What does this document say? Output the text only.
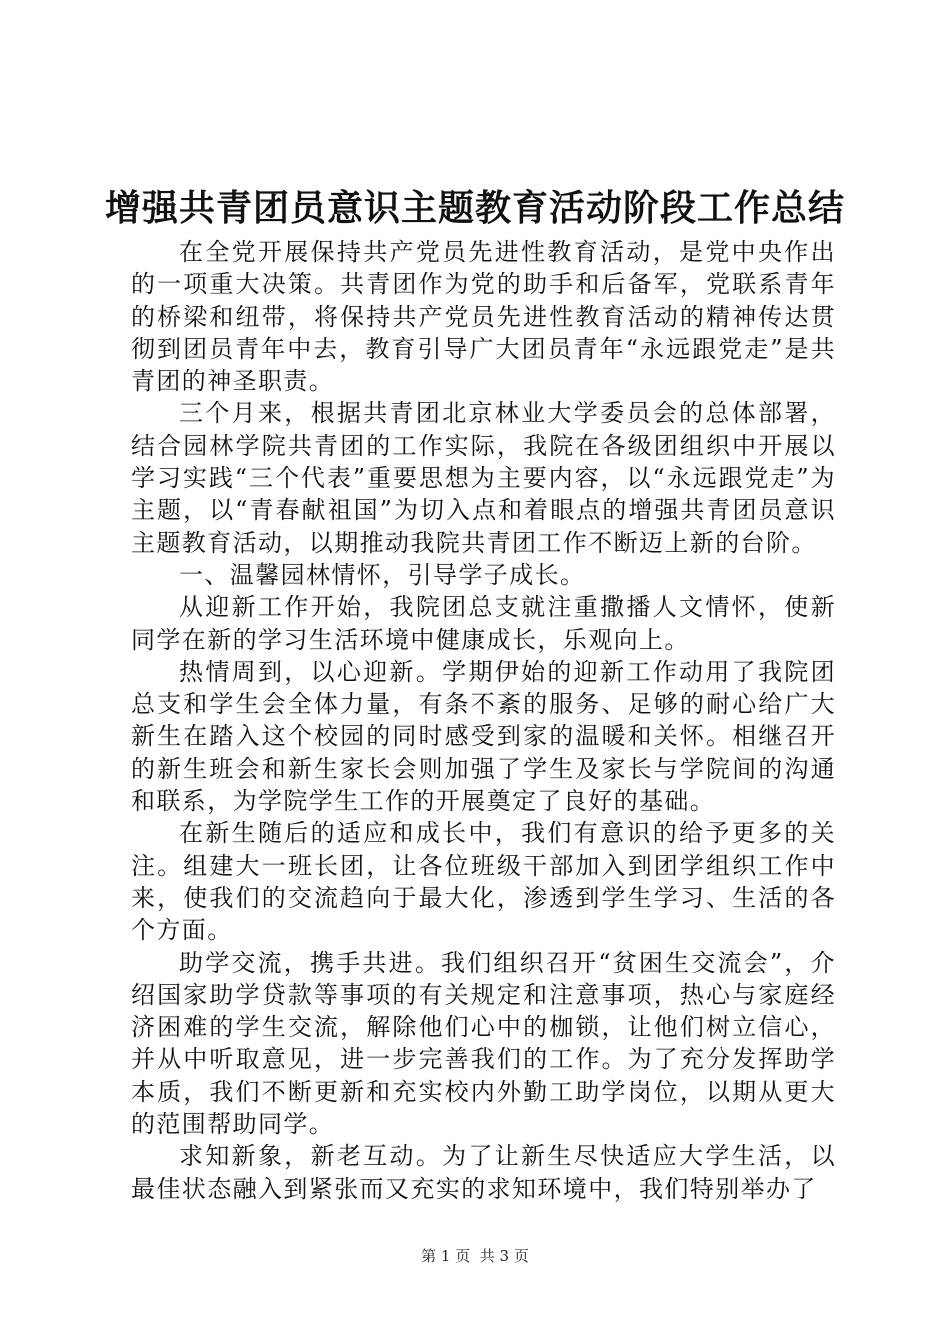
增强共青团员意识主题教育活动阶段工作总结

在全党开展保持共产党员先进性教育活动，是党中央作出的一项重大决策。共青团作为党的助手和后备军，党联系青年的桥梁和纽带，将保持共产党员先进性教育活动的精神传达贯彻到团员青年中去，教育引导广大团员青年“永远跟党走”是共青团的神圣职责。

三个月来，根据共青团北京林业大学委员会的总体部署，结合园林学院共青团的工作实际，我院在各级团组织中开展以学习实践“三个代表”重要思想为主要内容，以“永远跟党走”为主题，以“青春献祖国”为切入点和着眼点的增强共青团员意识主题教育活动，以期推动我院共青团工作不断迈上新的台阶。

一、温馨园林情怀，引导学子成长。

从迎新工作开始，我院团总支就注重撒播人文情怀，使新同学在新的学习生活环境中健康成长，乐观向上。

热情周到，以心迎新。学期伊始的迎新工作动用了我院团总支和学生会全体力量，有条不紊的服务、足够的耐心给广大新生在踏入这个校园的同时感受到家的温暖和关怀。相继召开的新生班会和新生家长会则加强了学生及家长与学院间的沟通和联系，为学院学生工作的开展奠定了良好的基础。

在新生随后的适应和成长中，我们有意识的给予更多的关注。组建大一班长团，让各位班级干部加入到团学组织工作中来，使我们的交流趋向于最大化，渗透到学生学习、生活的各个方面。

助学交流，携手共进。我们组织召开“贫困生交流会”，介绍国家助学贷款等事项的有关规定和注意事项，热心与家庭经济困难的学生交流，解除他们心中的枷锁，让他们树立信心，并从中听取意见，进一步完善我们的工作。为了充分发挥助学本质，我们不断更新和充实校内外勤工助学岗位，以期从更大的范围帮助同学。

求知新象，新老互动。为了让新生尽快适应大学生活，以最佳状态融入到紧张而又充实的求知环境中，我们特别举办了

第 1 页  共 3 页
